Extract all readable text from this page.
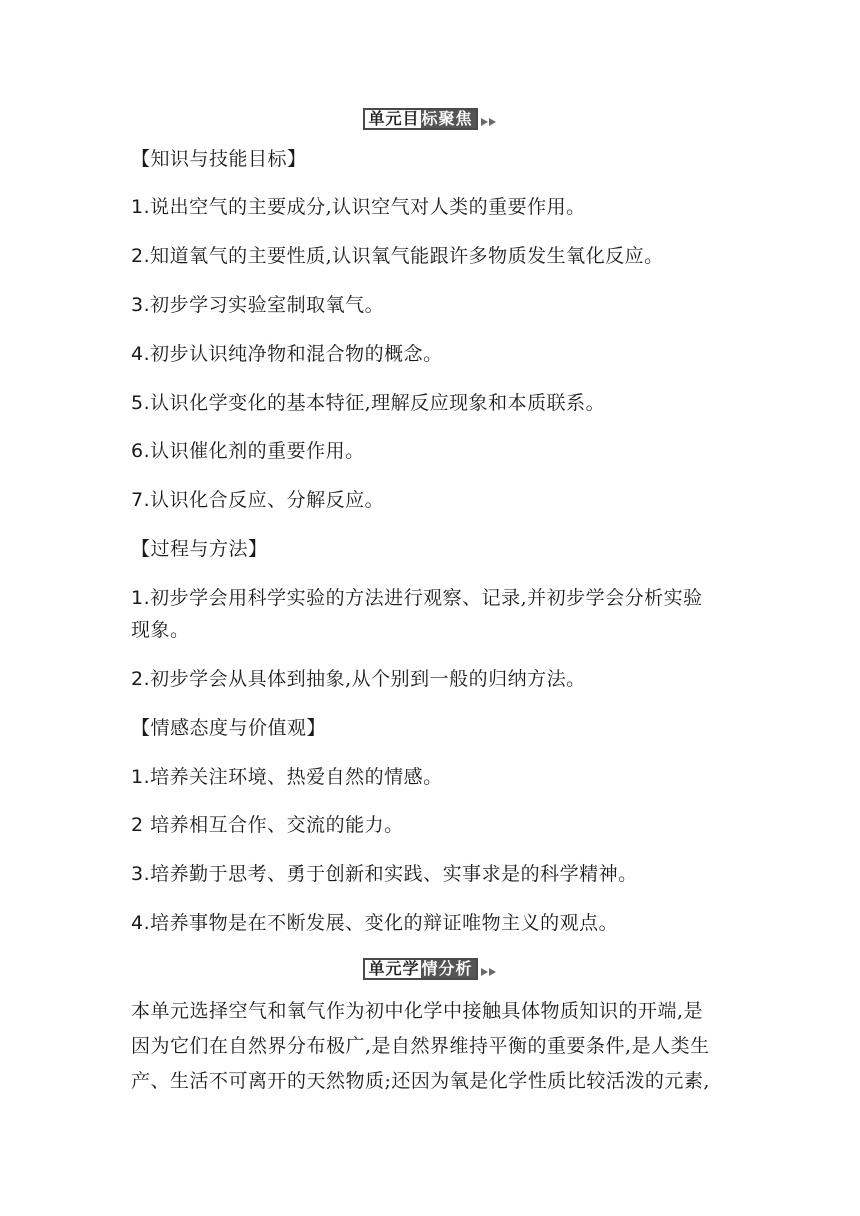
单元目 标聚焦
【知识与技能目标】
1.说出空气的主要成分,认识空气对人类的重要作用。
2.知道氧气的主要性质,认识氧气能跟许多物质发生氧化反应。
3.初步学习实验室制取氧气。
4.初步认识纯净物和混合物的概念。
5.认识化学变化的基本特征,理解反应现象和本质联系。
6.认识催化剂的重要作用。
7.认识化合反应、分解反应。
【过程与方法】
1.初步学会用科学实验的方法进行观察、记录,并初步学会分析实验
现象。
2.初步学会从具体到抽象,从个别到一般的归纳方法。
【情感态度与价值观】
1.培养关注环境、热爱自然的情感。
2 培养相互合作、交流的能力。
3.培养勤于思考、勇于创新和实践、实事求是的科学精神。
4.培养事物是在不断发展、变化的辩证唯物主义的观点。
单元学 情分析
本单元选择空气和氧气作为初中化学中接触具体物质知识的开端,是
因为它们在自然界分布极广,是自然界维持平衡的重要条件,是人类生
产、生活不可离开的天然物质;还因为氧是化学性质比较活泼的元素,
